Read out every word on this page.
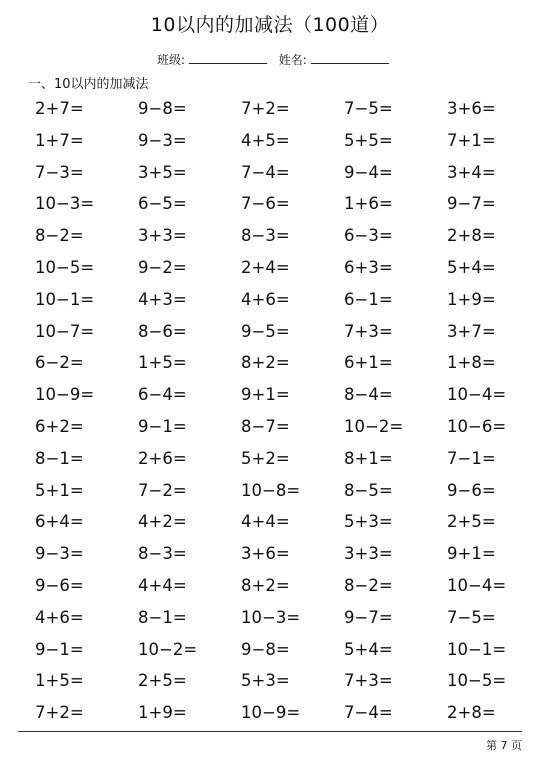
10以内的加减法（100道）
班级:	姓名:
一、10以内的加减法
2+7=	9−8=	7+2=	7−5=	3+6=
1+7=	9−3=	4+5=	5+5=	7+1=
7−3=	3+5=	7−4=	9−4=	3+4=
10−3=	6−5=	7−6=	1+6=	9−7=
8−2=	3+3=	8−3=	6−3=	2+8=
10−5=	9−2=	2+4=	6+3=	5+4=
10−1=	4+3=	4+6=	6−1=	1+9=
10−7=	8−6=	9−5=	7+3=	3+7=
6−2=	1+5=	8+2=	6+1=	1+8=
10−9=	6−4=	9+1=	8−4=	10−4=
6+2=	9−1=	8−7=	10−2=	10−6=
8−1=	2+6=	5+2=	8+1=	7−1=
5+1=	7−2=	10−8=	8−5=	9−6=
6+4=	4+2=	4+4=	5+3=	2+5=
9−3=	8−3=	3+6=	3+3=	9+1=
9−6=	4+4=	8+2=	8−2=	10−4=
4+6=	8−1=	10−3=	9−7=	7−5=
9−1=	10−2=	9−8=	5+4=	10−1=
1+5=	2+5=	5+3=	7+3=	10−5=
7+2=	1+9=	10−9=	7−4=	2+8=
第 7 页
